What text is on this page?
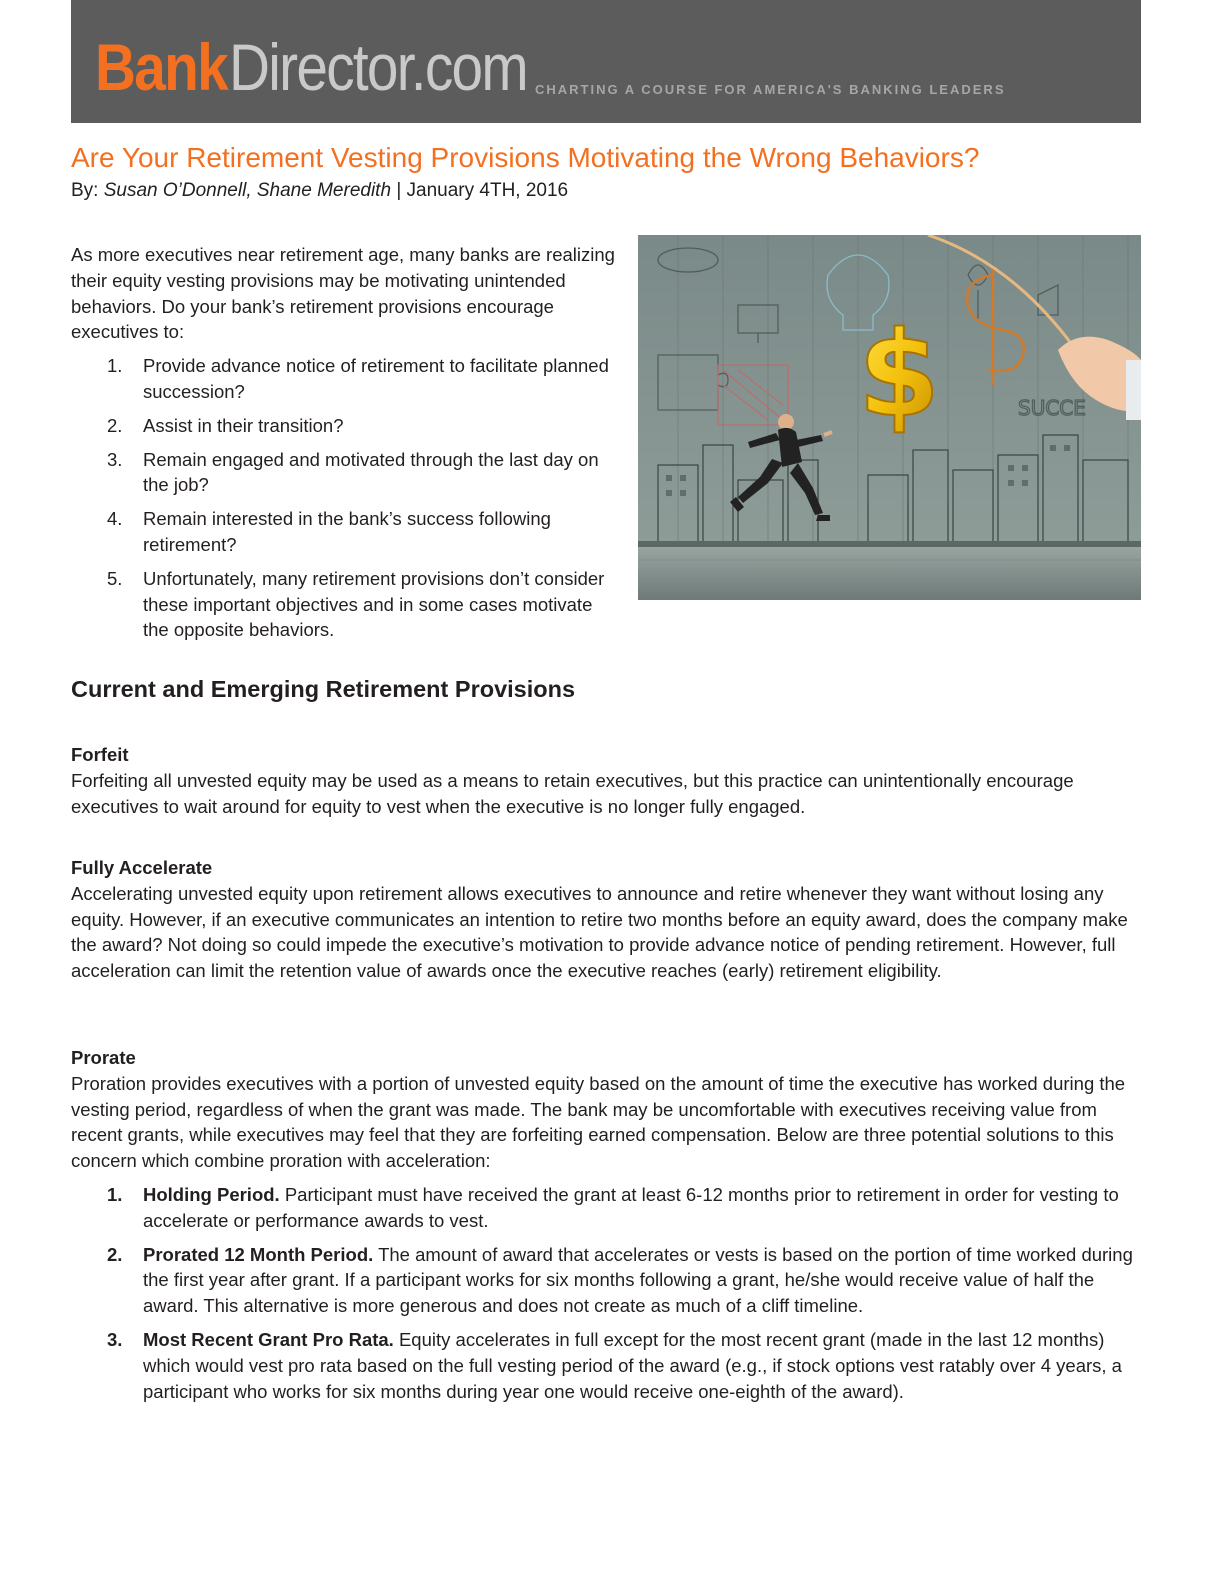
Bank Director.com CHARTING A COURSE FOR AMERICA'S BANKING LEADERS
Are Your Retirement Vesting Provisions Motivating the Wrong Behaviors?
By: Susan O’Donnell, Shane Meredith | January 4TH, 2016

As more executives near retirement age, many banks are realizing their equity vesting provisions may be motivating unintended behaviors. Do your bank’s retirement provisions encourage executives to:

1. Provide advance notice of retirement to facilitate planned succession?
2. Assist in their transition?
3. Remain engaged and motivated through the last day on the job?
4. Remain interested in the bank’s success following retirement?
5. Unfortunately, many retirement provisions don’t consider these important objectives and in some cases motivate the opposite behaviors.
SUCCE
$
Current and Emerging Retirement Provisions

Forfeit

Forfeiting all unvested equity may be used as a means to retain executives, but this practice can unintentionally encourage executives to wait around for equity to vest when the executive is no longer fully engaged.

Fully Accelerate

Accelerating unvested equity upon retirement allows executives to announce and retire whenever they want without losing any equity. However, if an executive communicates an intention to retire two months before an equity award, does the company make the award? Not doing so could impede the executive’s motivation to provide advance notice of pending retirement. However, full acceleration can limit the retention value of awards once the executive reaches (early) retirement eligibility.

Prorate

Proration provides executives with a portion of unvested equity based on the amount of time the executive has worked during the vesting period, regardless of when the grant was made. The bank may be uncomfortable with executives receiving value from recent grants, while executives may feel that they are forfeiting earned compensation. Below are three potential solutions to this concern which combine proration with acceleration:

1. Holding Period. Participant must have received the grant at least 6-12 months prior to retirement in order for vesting to accelerate or performance awards to vest.
2. Prorated 12 Month Period. The amount of award that accelerates or vests is based on the portion of time worked during the first year after grant. If a participant works for six months following a grant, he/she would receive value of half the award. This alternative is more generous and does not create as much of a cliff timeline.
3. Most Recent Grant Pro Rata. Equity accelerates in full except for the most recent grant (made in the last 12 months) which would vest pro rata based on the full vesting period of the award (e.g., if stock options vest ratably over 4 years, a participant who works for six months during year one would receive one-eighth of the award).
